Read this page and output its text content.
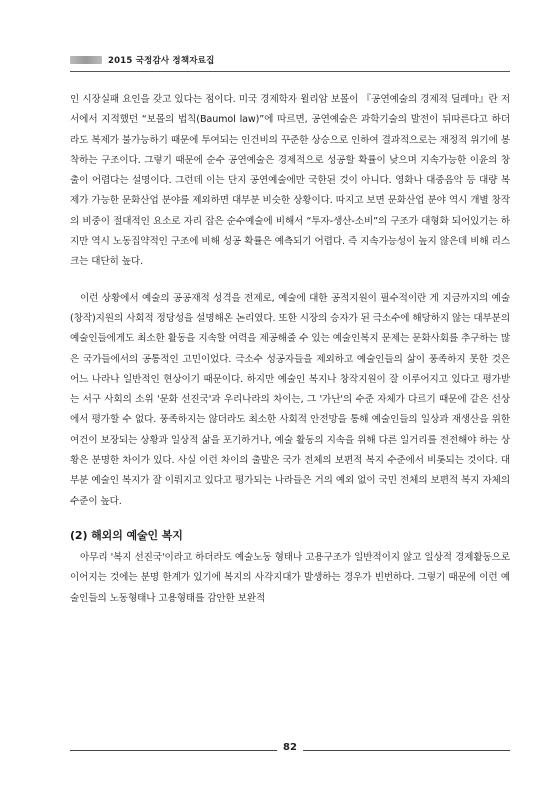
2015 국정감사 정책자료집

인 시장실패 요인을 갖고 있다는 점이다. 미국 경제학자 윌리암 보몰이 『공연예술의 경제적 딜레마』란 저서에서 지적했던 “보몰의 법칙(Baumol law)”에 따르면, 공연예술은 과학기술의 발전이 뒤따른다고 하더라도 복제가 불가능하기 때문에 투여되는 인건비의 꾸준한 상승으로 인하여 결과적으로는 재정적 위기에 봉착하는 구조이다. 그렇기 때문에 순수 공연예술은 경제적으로 성공할 확률이 낮으며 지속가능한 이윤의 창출이 어렵다는 설명이다. 그런데 이는 단지 공연예술에만 국한된 것이 아니다. 영화나 대중음악 등 대량 복제가 가능한 문화산업 분야를 제외하면 대부분 비슷한 상황이다. 따지고 보면 문화산업 분야 역시 개별 창작의 비중이 절대적인 요소로 자리 잡은 순수예술에 비해서 “투자-생산-소비”의 구조가 대형화 되어있기는 하지만 역시 노동집약적인 구조에 비해 성공 확률은 예측되기 어렵다. 즉 지속가능성이 높지 않은데 비해 리스크는 대단히 높다.

이런 상황에서 예술의 공공재적 성격을 전제로, 예술에 대한 공적지원이 필수적이란 게 지금까지의 예술(창작)지원의 사회적 정당성을 설명해온 논리였다. 또한 시장의 승자가 된 극소수에 해당하지 않는 대부분의 예술인들에게도 최소한 활동을 지속할 여력을 제공해줄 수 있는 예술인복지 문제는 문화사회를 추구하는 많은 국가들에서의 공통적인 고민이었다. 극소수 성공자들을 제외하고 예술인들의 삶이 풍족하지 못한 것은 어느 나라나 일반적인 현상이기 때문이다. 하지만 예술인 복지나 창작지원이 잘 이루어지고 있다고 평가받는 서구 사회의 소위 '문화 선진국'과 우리나라의 차이는, 그 '가난'의 수준 자체가 다르기 때문에 같은 선상에서 평가할 수 없다. 풍족하지는 않더라도 최소한 사회적 안전망을 통해 예술인들의 일상과 재생산을 위한 여건이 보장되는 상황과 일상적 삶을 포기하거나, 예술 활동의 지속을 위해 다른 일거리를 전전해야 하는 상황은 분명한 차이가 있다. 사실 이런 차이의 출발은 국가 전체의 보편적 복지 수준에서 비롯되는 것이다. 대부분 예술인 복지가 잘 이뤄지고 있다고 평가되는 나라들은 거의 예외 없이 국민 전체의 보편적 복지 자체의 수준이 높다.

(2) 해외의 예술인 복지

아무리 '복지 선진국'이라고 하더라도 예술노동 형태나 고용구조가 일반적이지 않고 일상적 경제활동으로 이어지는 것에는 분명 한계가 있기에 복지의 사각지대가 발생하는 경우가 빈번하다. 그렇기 때문에 이런 예술인들의 노동형태나 고용형태를 감안한 보완적

82
